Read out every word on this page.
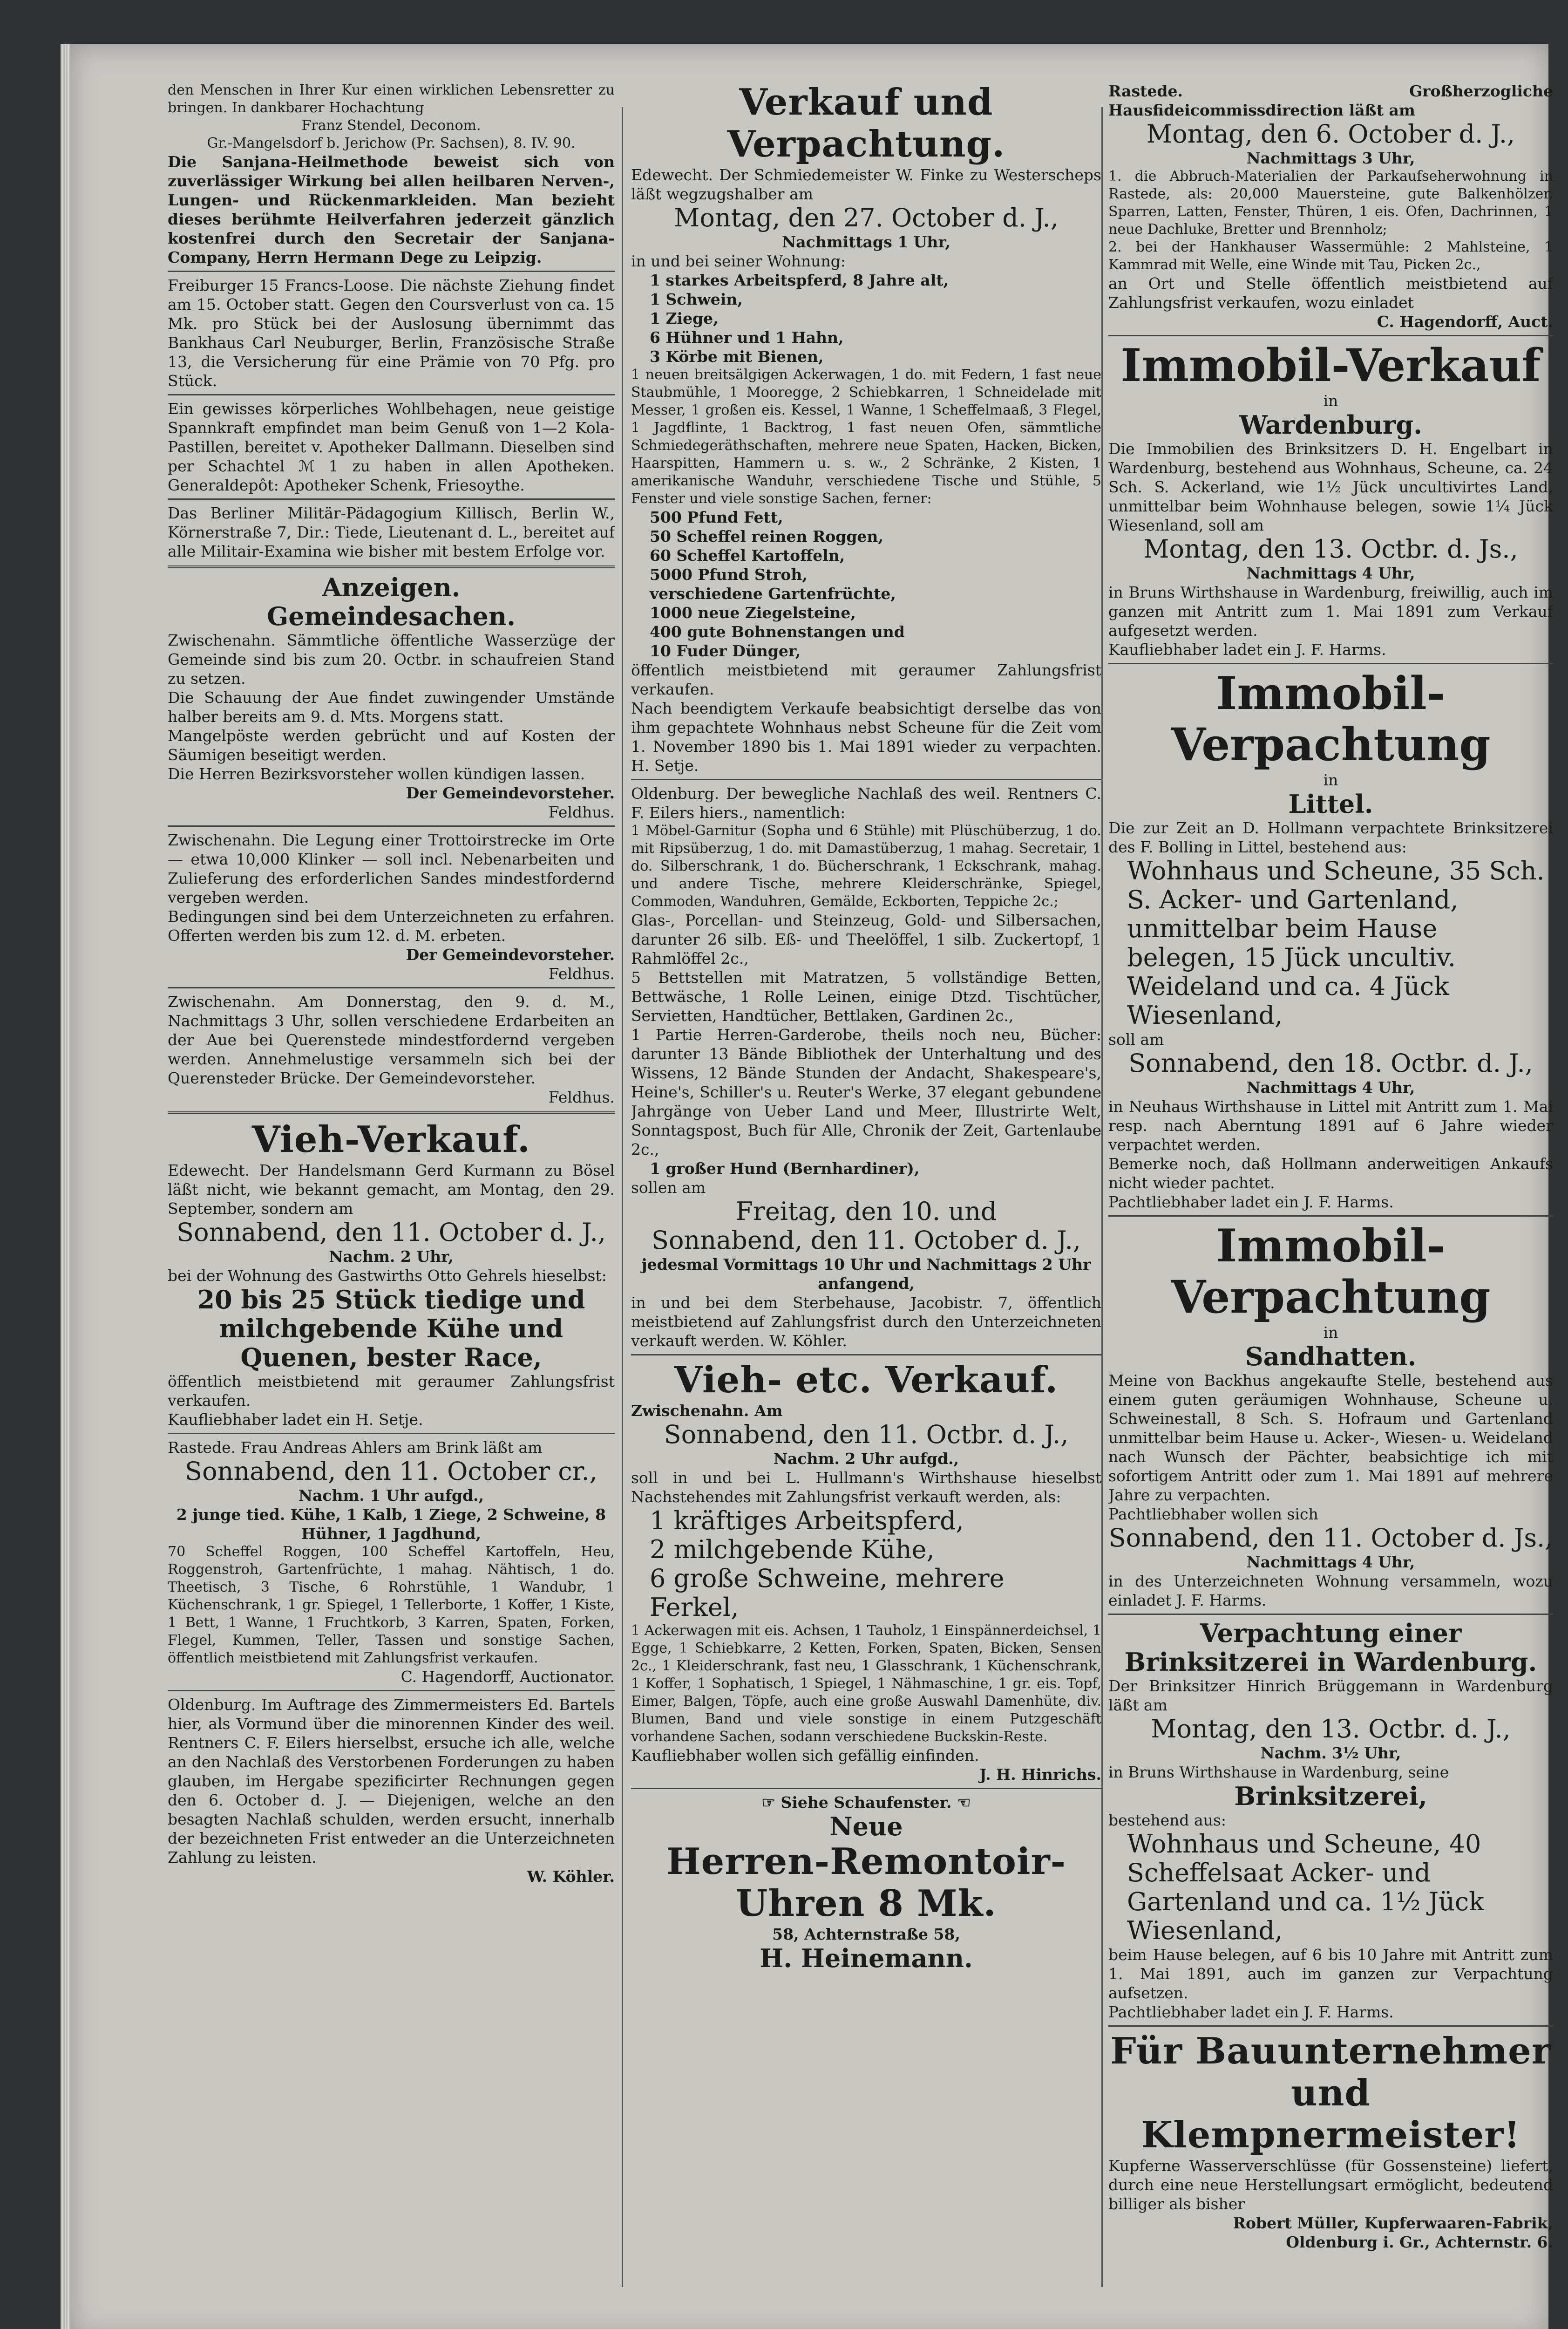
den Menschen in Ihrer Kur einen wirklichen Lebensretter zu bringen. In dankbarer Hochachtung

Franz Stendel, Deconom.

Gr.-Mangelsdorf b. Jerichow (Pr. Sachsen), 8. IV. 90.

Die Sanjana-Heilmethode beweist sich von zuverlässiger Wirkung bei allen heilbaren Nerven-, Lungen- und Rückenmarkleiden. Man bezieht dieses berühmte Heilverfahren jederzeit gänzlich kostenfrei durch den Secretair der Sanjana-Company, Herrn Hermann Dege zu Leipzig.

Freiburger 15 Francs-Loose. Die nächste Ziehung findet am 15. October statt. Gegen den Coursverlust von ca. 15 Mk. pro Stück bei der Auslosung übernimmt das Bankhaus Carl Neuburger, Berlin, Französische Straße 13, die Versicherung für eine Prämie von 70 Pfg. pro Stück.

Ein gewisses körperliches Wohlbehagen, neue geistige Spannkraft empfindet man beim Genuß von 1—2 Kola-Pastillen, bereitet v. Apotheker Dallmann. Dieselben sind per Schachtel ℳ 1 zu haben in allen Apotheken. Generaldepôt: Apotheker Schenk, Friesoythe.

Das Berliner Militär-Pädagogium Killisch, Berlin W., Körnerstraße 7, Dir.: Tiede, Lieutenant d. L., bereitet auf alle Militair-Examina wie bisher mit bestem Erfolge vor.

Anzeigen.

Gemeindesachen.

Zwischenahn. Sämmtliche öffentliche Wasserzüge der Gemeinde sind bis zum 20. Octbr. in schaufreien Stand zu setzen.

Die Schauung der Aue findet zuwingender Umstände halber bereits am 9. d. Mts. Morgens statt.

Mangelpöste werden gebrücht und auf Kosten der Säumigen beseitigt werden.

Die Herren Bezirksvorsteher wollen kündigen lassen.

Der Gemeindevorsteher.

Feldhus.

Zwischenahn. Die Legung einer Trottoirstrecke im Orte — etwa 10,000 Klinker — soll incl. Nebenarbeiten und Zulieferung des erforderlichen Sandes mindestfordernd vergeben werden.

Bedingungen sind bei dem Unterzeichneten zu erfahren. Offerten werden bis zum 12. d. M. erbeten.

Der Gemeindevorsteher.

Feldhus.

Zwischenahn. Am Donnerstag, den 9. d. M., Nachmittags 3 Uhr, sollen verschiedene Erdarbeiten an der Aue bei Querenstede mindestfordernd vergeben werden. Annehmelustige versammeln sich bei der Querensteder Brücke. Der Gemeindevorsteher.

Feldhus.

Vieh-Verkauf.

Edewecht. Der Handelsmann Gerd Kurmann zu Bösel läßt nicht, wie bekannt gemacht, am Montag, den 29. September, sondern am

Sonnabend, den 11. October d. J.,

Nachm. 2 Uhr,

bei der Wohnung des Gastwirths Otto Gehrels hieselbst:

20 bis 25 Stück tiedige und milchgebende Kühe und Quenen, bester Race,

öffentlich meistbietend mit geraumer Zahlungsfrist verkaufen.

Kaufliebhaber ladet ein H. Setje.

Rastede. Frau Andreas Ahlers am Brink läßt am

Sonnabend, den 11. October cr.,

Nachm. 1 Uhr aufgd.,

2 junge tied. Kühe, 1 Kalb, 1 Ziege, 2 Schweine, 8 Hühner, 1 Jagdhund,

70 Scheffel Roggen, 100 Scheffel Kartoffeln, Heu, Roggenstroh, Gartenfrüchte, 1 mahag. Nähtisch, 1 do. Theetisch, 3 Tische, 6 Rohrstühle, 1 Wandubr, 1 Küchenschrank, 1 gr. Spiegel, 1 Tellerborte, 1 Koffer, 1 Kiste, 1 Bett, 1 Wanne, 1 Fruchtkorb, 3 Karren, Spaten, Forken, Flegel, Kummen, Teller, Tassen und sonstige Sachen, öffentlich meistbietend mit Zahlungsfrist verkaufen.

C. Hagendorff, Auctionator.

Oldenburg. Im Auftrage des Zimmermeisters Ed. Bartels hier, als Vormund über die minorennen Kinder des weil. Rentners C. F. Eilers hierselbst, ersuche ich alle, welche an den Nachlaß des Verstorbenen Forderungen zu haben glauben, im Hergabe spezificirter Rechnungen gegen den 6. October d. J. — Diejenigen, welche an den besagten Nachlaß schulden, werden ersucht, innerhalb der bezeichneten Frist entweder an die Unterzeichneten Zahlung zu leisten.

W. Köhler.

Verkauf und Verpachtung.

Edewecht. Der Schmiedemeister W. Finke zu Westerscheps läßt wegzugshalber am

Montag, den 27. October d. J.,

Nachmittags 1 Uhr,

in und bei seiner Wohnung:

1 starkes Arbeitspferd, 8 Jahre alt,

1 Schwein,

1 Ziege,

6 Hühner und 1 Hahn,

3 Körbe mit Bienen,

1 neuen breitsälgigen Ackerwagen, 1 do. mit Federn, 1 fast neue Staubmühle, 1 Mooregge, 2 Schiebkarren, 1 Schneidelade mit Messer, 1 großen eis. Kessel, 1 Wanne, 1 Scheffelmaaß, 3 Flegel, 1 Jagdflinte, 1 Backtrog, 1 fast neuen Ofen, sämmtliche Schmiedegeräthschaften, mehrere neue Spaten, Hacken, Bicken, Haarspitten, Hammern u. s. w., 2 Schränke, 2 Kisten, 1 amerikanische Wanduhr, verschiedene Tische und Stühle, 5 Fenster und viele sonstige Sachen, ferner:

500 Pfund Fett,

50 Scheffel reinen Roggen,

60 Scheffel Kartoffeln,

5000 Pfund Stroh,

verschiedene Gartenfrüchte,

1000 neue Ziegelsteine,

400 gute Bohnenstangen und

10 Fuder Dünger,

öffentlich meistbietend mit geraumer Zahlungsfrist verkaufen.

Nach beendigtem Verkaufe beabsichtigt derselbe das von ihm gepachtete Wohnhaus nebst Scheune für die Zeit vom 1. November 1890 bis 1. Mai 1891 wieder zu verpachten. H. Setje.

Oldenburg. Der bewegliche Nachlaß des weil. Rentners C. F. Eilers hiers., namentlich:

1 Möbel-Garnitur (Sopha und 6 Stühle) mit Plüschüberzug, 1 do. mit Ripsüberzug, 1 do. mit Damastüberzug, 1 mahag. Secretair, 1 do. Silberschrank, 1 do. Bücherschrank, 1 Eckschrank, mahag. und andere Tische, mehrere Kleiderschränke, Spiegel, Commoden, Wanduhren, Gemälde, Eckborten, Teppiche 2c.;

Glas-, Porcellan- und Steinzeug, Gold- und Silbersachen, darunter 26 silb. Eß- und Theelöffel, 1 silb. Zuckertopf, 1 Rahmlöffel 2c.,

5 Bettstellen mit Matratzen, 5 vollständige Betten, Bettwäsche, 1 Rolle Leinen, einige Dtzd. Tischtücher, Servietten, Handtücher, Bettlaken, Gardinen 2c.,

1 Partie Herren-Garderobe, theils noch neu, Bücher: darunter 13 Bände Bibliothek der Unterhaltung und des Wissens, 12 Bände Stunden der Andacht, Shakespeare's, Heine's, Schiller's u. Reuter's Werke, 37 elegant gebundene Jahrgänge von Ueber Land und Meer, Illustrirte Welt, Sonntagspost, Buch für Alle, Chronik der Zeit, Gartenlaube 2c.,

1 großer Hund (Bernhardiner),

sollen am

Freitag, den 10. und

Sonnabend, den 11. October d. J.,

jedesmal Vormittags 10 Uhr und Nachmittags 2 Uhr anfangend,

in und bei dem Sterbehause, Jacobistr. 7, öffentlich meistbietend auf Zahlungsfrist durch den Unterzeichneten verkauft werden. W. Köhler.

Vieh- etc. Verkauf.

Zwischenahn. Am

Sonnabend, den 11. Octbr. d. J.,

Nachm. 2 Uhr aufgd.,

soll in und bei L. Hullmann's Wirthshause hieselbst Nachstehendes mit Zahlungsfrist verkauft werden, als:

1 kräftiges Arbeitspferd,

2 milchgebende Kühe,

6 große Schweine, mehrere Ferkel,

1 Ackerwagen mit eis. Achsen, 1 Tauholz, 1 Einspännerdeichsel, 1 Egge, 1 Schiebkarre, 2 Ketten, Forken, Spaten, Bicken, Sensen 2c., 1 Kleiderschrank, fast neu, 1 Glasschrank, 1 Küchenschrank, 1 Koffer, 1 Sophatisch, 1 Spiegel, 1 Nähmaschine, 1 gr. eis. Topf, Eimer, Balgen, Töpfe, auch eine große Auswahl Damenhüte, div. Blumen, Band und viele sonstige in einem Putzgeschäft vorhandene Sachen, sodann verschiedene Buckskin-Reste.

Kaufliebhaber wollen sich gefällig einfinden.

J. H. Hinrichs.

☞ Siehe Schaufenster. ☜

Neue

Herren-Remontoir-Uhren 8 Mk.

58, Achternstraße 58,

H. Heinemann.

Rastede. Großherzogliche Hausfideicommissdirection läßt am

Montag, den 6. October d. J.,

Nachmittags 3 Uhr,

1. die Abbruch-Materialien der Parkaufseherwohnung in Rastede, als: 20,000 Mauersteine, gute Balkenhölzer, Sparren, Latten, Fenster, Thüren, 1 eis. Ofen, Dachrinnen, 1 neue Dachluke, Bretter und Brennholz;

2. bei der Hankhauser Wassermühle: 2 Mahlsteine, 1 Kammrad mit Welle, eine Winde mit Tau, Picken 2c.,

an Ort und Stelle öffentlich meistbietend auf Zahlungsfrist verkaufen, wozu einladet

C. Hagendorff, Auct.

Immobil-Verkauf

in

Wardenburg.

Die Immobilien des Brinksitzers D. H. Engelbart in Wardenburg, bestehend aus Wohnhaus, Scheune, ca. 24 Sch. S. Ackerland, wie 1½ Jück uncultivirtes Land, unmittelbar beim Wohnhause belegen, sowie 1¼ Jück Wiesenland, soll am

Montag, den 13. Octbr. d. Js.,

Nachmittags 4 Uhr,

in Bruns Wirthshause in Wardenburg, freiwillig, auch im ganzen mit Antritt zum 1. Mai 1891 zum Verkauf aufgesetzt werden.

Kaufliebhaber ladet ein J. F. Harms.

Immobil-Verpachtung

in

Littel.

Die zur Zeit an D. Hollmann verpachtete Brinksitzerei des F. Bolling in Littel, bestehend aus:

Wohnhaus und Scheune, 35 Sch. S. Acker- und Gartenland, unmittelbar beim Hause belegen, 15 Jück uncultiv. Weideland und ca. 4 Jück Wiesenland,

soll am

Sonnabend, den 18. Octbr. d. J.,

Nachmittags 4 Uhr,

in Neuhaus Wirthshause in Littel mit Antritt zum 1. Mai resp. nach Aberntung 1891 auf 6 Jahre wieder verpachtet werden.

Bemerke noch, daß Hollmann anderweitigen Ankaufs nicht wieder pachtet.

Pachtliebhaber ladet ein J. F. Harms.

Immobil-Verpachtung

in

Sandhatten.

Meine von Backhus angekaufte Stelle, bestehend aus einem guten geräumigen Wohnhause, Scheune u. Schweinestall, 8 Sch. S. Hofraum und Gartenland unmittelbar beim Hause u. Acker-, Wiesen- u. Weideland nach Wunsch der Pächter, beabsichtige ich mit sofortigem Antritt oder zum 1. Mai 1891 auf mehrere Jahre zu verpachten.

Pachtliebhaber wollen sich

Sonnabend, den 11. October d. Js.,

Nachmittags 4 Uhr,

in des Unterzeichneten Wohnung versammeln, wozu einladet J. F. Harms.

Verpachtung einer Brinksitzerei in Wardenburg.

Der Brinksitzer Hinrich Brüggemann in Wardenburg läßt am

Montag, den 13. Octbr. d. J.,

Nachm. 3½ Uhr,

in Bruns Wirthshause in Wardenburg, seine

Brinksitzerei,

bestehend aus:

Wohnhaus und Scheune, 40 Scheffelsaat Acker- und Gartenland und ca. 1½ Jück Wiesenland,

beim Hause belegen, auf 6 bis 10 Jahre mit Antritt zum 1. Mai 1891, auch im ganzen zur Verpachtung aufsetzen.

Pachtliebhaber ladet ein J. F. Harms.

Für Bauunternehmer und Klempnermeister!

Kupferne Wasserverschlüsse (für Gossensteine) liefert, durch eine neue Herstellungsart ermöglicht, bedeutend billiger als bisher

Robert Müller, Kupferwaaren-Fabrik,

Oldenburg i. Gr., Achternstr. 6.
